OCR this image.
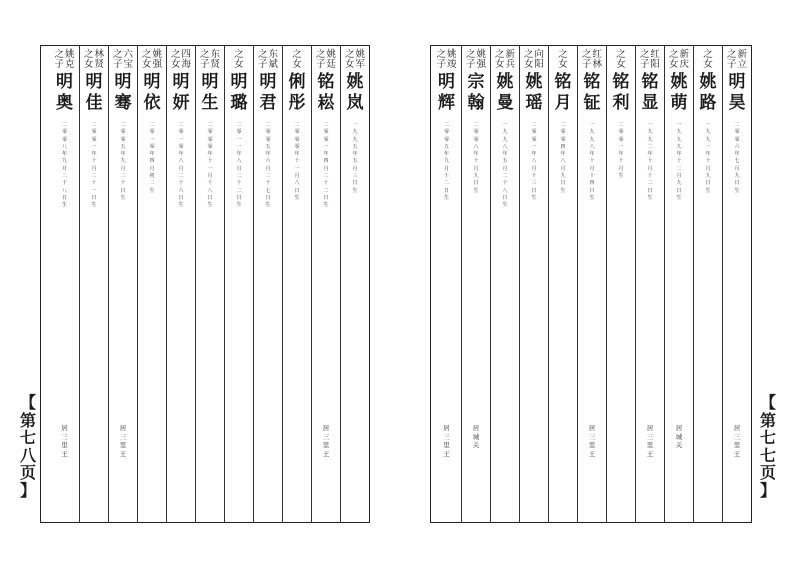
姚
军
之
女
姚
岚
一
九
九
五
年
五
月
三
日
生
姚
廷
之
子
铭
崧
二
零
零
一
年
四
月
二
十
二
日
生
居
三
里
王
之
女
俐
彤
二
零
零
零
年
十
一
月
八
日
生
东
斌
之
子
明
君
二
零
零
五
年
六
月
二
十
七
日
生
之
女
明
璐
二
零
一
一
年
八
月
二
十
二
日
生
东
贤
之
子
明
生
二
零
零
零
年
十
一
月
十
八
日
生
四
海
之
女
明
妍
二
零
一
零
年
八
月
二
十
六
日
生
姚
强
之
女
明
依
二
零
一
零
年
四
月
初
二
生
六
宝
之
子
明
骞
二
零
零
五
年
九
月
二
十
日
生
居
三
里
王
林
贤
之
女
明
佳
二
零
零
一
年
十
月
二
十
一
日
生
姚
克
之
子
明
奥
二
零
零
八
年
九
月
二
十
八
日
生
居
三
里
王
【
第
七
八
页
】
新
立
之
子
明
昊
二
零
零
六
年
七
月
九
日
生
居
三
里
王
之
女
姚
路
一
九
九
一
年
十
月
九
日
生
新
庆
之
女
姚
萌
一
九
九
九
年
十
二
月
九
日
生
居
城
关
红
阳
之
子
铭
显
一
九
九
二
年
十
月
十
二
日
生
居
三
里
王
之
女
铭
利
二
零
零
一
年
十
月
生
红
林
之
子
铭
钲
一
九
九
八
年
十
月
十
四
日
生
居
三
里
王
之
女
铭
月
二
零
零
四
年
八
月
九
日
生
向
阳
之
女
姚
瑶
二
零
零
一
年
八
月
十
三
日
生
新
兵
之
女
姚
曼
一
九
九
八
年
五
月
二
十
八
日
生
姚
强
之
子
宗
翰
二
零
零
八
年
十
月
九
日
生
居
城
关
姚
竣
之
子
明
辉
二
零
零
五
年
九
月
十
二
日
生
居
三
里
王
【
第
七
七
页
】
